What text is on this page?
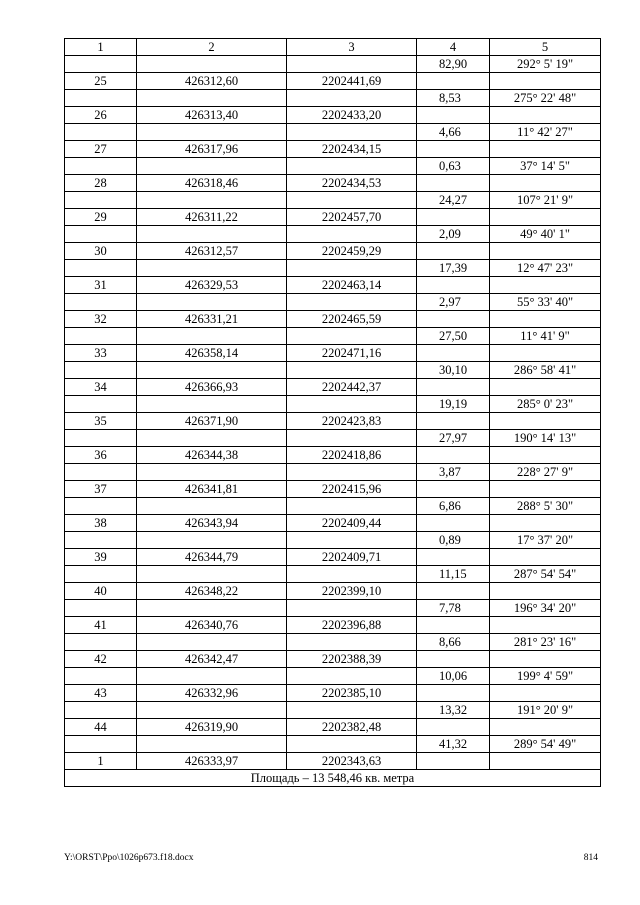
1	2	3	4	5
			82,90	292° 5' 19"
25	426312,60	2202441,69		
			8,53	275° 22' 48"
26	426313,40	2202433,20		
			4,66	11° 42' 27"
27	426317,96	2202434,15		
			0,63	37° 14' 5"
28	426318,46	2202434,53		
			24,27	107° 21' 9"
29	426311,22	2202457,70		
			2,09	49° 40' 1"
30	426312,57	2202459,29		
			17,39	12° 47' 23"
31	426329,53	2202463,14		
			2,97	55° 33' 40"
32	426331,21	2202465,59		
			27,50	11° 41' 9"
33	426358,14	2202471,16		
			30,10	286° 58' 41"
34	426366,93	2202442,37		
			19,19	285° 0' 23"
35	426371,90	2202423,83		
			27,97	190° 14' 13"
36	426344,38	2202418,86		
			3,87	228° 27' 9"
37	426341,81	2202415,96		
			6,86	288° 5' 30"
38	426343,94	2202409,44		
			0,89	17° 37' 20"
39	426344,79	2202409,71		
			11,15	287° 54' 54"
40	426348,22	2202399,10		
			7,78	196° 34' 20"
41	426340,76	2202396,88		
			8,66	281° 23' 16"
42	426342,47	2202388,39		
			10,06	199° 4' 59"
43	426332,96	2202385,10		
			13,32	191° 20' 9"
44	426319,90	2202382,48		
			41,32	289° 54' 49"
1	426333,97	2202343,63		
Площадь – 13 548,46 кв. метра				
Y:\ORST\Ppo\1026p673.f18.docx	814
